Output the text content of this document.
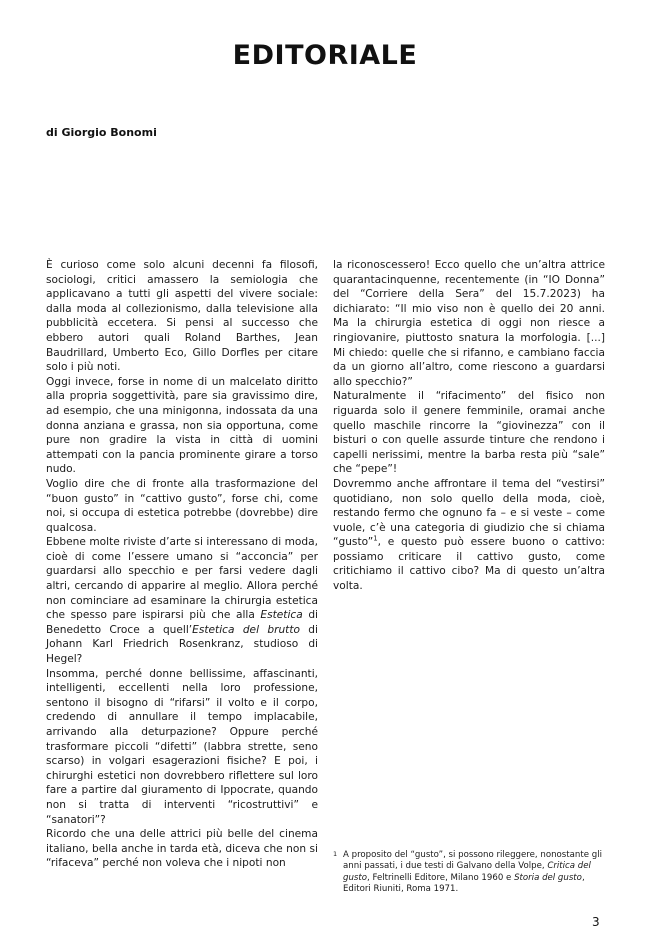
EDITORIALE
di Giorgio Bonomi

È curioso come solo alcuni decenni fa filosofi, sociologi, critici amassero la semiologia che applicavano a tutti gli aspetti del vivere sociale: dalla moda al collezionismo, dalla televisione alla pubblicità eccetera. Si pensi al successo che ebbero autori quali Roland Barthes, Jean Baudrillard, Umberto Eco, Gillo Dorfles per citare solo i più noti.

Oggi invece, forse in nome di un malcelato diritto alla propria soggettività, pare sia gravissimo dire, ad esempio, che una minigonna, indossata da una donna anziana e grassa, non sia opportuna, come pure non gradire la vista in città di uomini attempati con la pancia prominente girare a torso nudo.

Voglio dire che di fronte alla trasformazione del “buon gusto” in “cattivo gusto”, forse chi, come noi, si occupa di estetica potrebbe (dovrebbe) dire qualcosa.

Ebbene molte riviste d’arte si interessano di moda, cioè di come l’essere umano si “acconcia” per guardarsi allo specchio e per farsi vedere dagli altri, cercando di apparire al meglio. Allora perché non cominciare ad esaminare la chirurgia estetica che spesso pare ispirarsi più che alla Estetica di Benedetto Croce a quell’Estetica del brutto di Johann Karl Friedrich Rosenkranz, studioso di Hegel?

Insomma, perché donne bellissime, affascinanti, intelligenti, eccellenti nella loro professione, sentono il bisogno di “rifarsi” il volto e il corpo, credendo di annullare il tempo implacabile, arrivando alla deturpazione? Oppure perché trasformare piccoli “difetti” (labbra strette, seno scarso) in volgari esagerazioni fisiche? E poi, i chirurghi estetici non dovrebbero riflettere sul loro fare a partire dal giuramento di Ippocrate, quando non si tratta di interventi “ricostruttivi” e “sanatori”?

Ricordo che una delle attrici più belle del cinema italiano, bella anche in tarda età, diceva che non si “rifaceva” perché non voleva che i nipoti non

la riconoscessero! Ecco quello che un’altra attrice quarantacinquenne, recentemente (in “IO Donna” del “Corriere della Sera” del 15.7.2023) ha dichiarato: “Il mio viso non è quello dei 20 anni. Ma la chirurgia estetica di oggi non riesce a ringiovanire, piuttosto snatura la morfologia. [...] Mi chiedo: quelle che si rifanno, e cambiano faccia da un giorno all’altro, come riescono a guardarsi allo specchio?”

Naturalmente il “rifacimento” del fisico non riguarda solo il genere femminile, oramai anche quello maschile rincorre la “giovinezza” con il bisturi o con quelle assurde tinture che rendono i capelli nerissimi, mentre la barba resta più “sale” che “pepe”!

Dovremmo anche affrontare il tema del “vestirsi” quotidiano, non solo quello della moda, cioè, restando fermo che ognuno fa – e si veste – come vuole, c’è una categoria di giudizio che si chiama “gusto”$^1$, e questo può essere buono o cattivo: possiamo criticare il cattivo gusto, come critichiamo il cattivo cibo? Ma di questo un’altra volta.

1 A proposito del “gusto”, si possono rileggere, nonostante gli anni passati, i due testi di Galvano della Volpe, Critica del gusto, Feltrinelli Editore, Milano 1960 e Storia del gusto, Editori Riuniti, Roma 1971.
3
